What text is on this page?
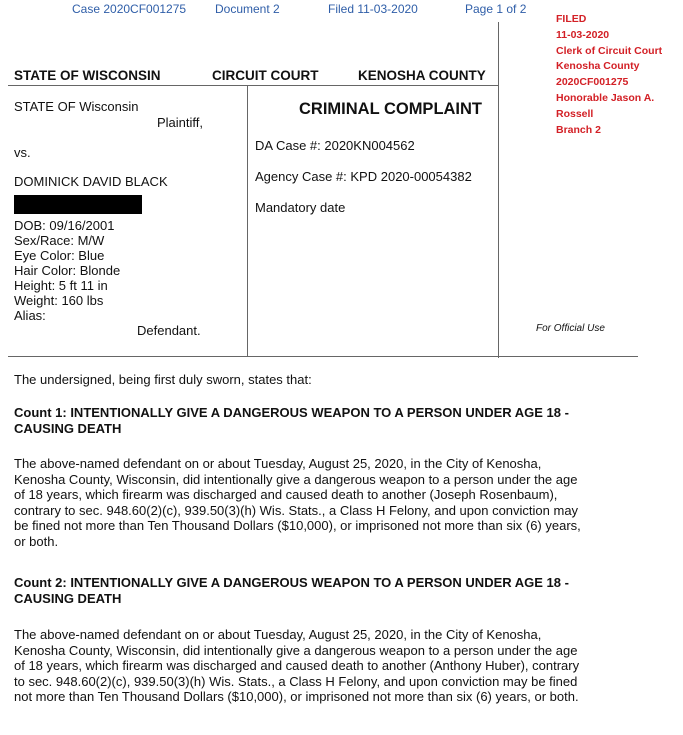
Case 2020CF001275 Document 2	Filed 11-03-2020	Page 1 of 2
FILED
11-03-2020
Clerk of Circuit Court
Kenosha County
2020CF001275
Honorable Jason A.
Rossell
Branch 2
STATE OF WISCONSIN	CIRCUIT COURT	KENOSHA COUNTY
STATE OF Wisconsin
Plaintiff,
vs.
DOMINICK DAVID BLACK
DOB: 09/16/2001
Sex/Race: M/W
Eye Color: Blue
Hair Color: Blonde
Height: 5 ft 11 in
Weight: 160 lbs
Alias:
Defendant.
CRIMINAL COMPLAINT
DA Case #: 2020KN004562
Agency Case #: KPD 2020-00054382
Mandatory date
For Official Use
The undersigned, being first duly sworn, states that:
Count 1: INTENTIONALLY GIVE A DANGEROUS WEAPON TO A PERSON UNDER AGE 18 -
CAUSING DEATH
The above-named defendant on or about Tuesday, August 25, 2020, in the City of Kenosha,
Kenosha County, Wisconsin, did intentionally give a dangerous weapon to a person under the age
of 18 years, which firearm was discharged and caused death to another (Joseph Rosenbaum),
contrary to sec. 948.60(2)(c), 939.50(3)(h) Wis. Stats., a Class H Felony, and upon conviction may
be fined not more than Ten Thousand Dollars ($10,000), or imprisoned not more than six (6) years,
or both.
Count 2: INTENTIONALLY GIVE A DANGEROUS WEAPON TO A PERSON UNDER AGE 18 -
CAUSING DEATH
The above-named defendant on or about Tuesday, August 25, 2020, in the City of Kenosha,
Kenosha County, Wisconsin, did intentionally give a dangerous weapon to a person under the age
of 18 years, which firearm was discharged and caused death to another (Anthony Huber), contrary
to sec. 948.60(2)(c), 939.50(3)(h) Wis. Stats., a Class H Felony, and upon conviction may be fined
not more than Ten Thousand Dollars ($10,000), or imprisoned not more than six (6) years, or both.
